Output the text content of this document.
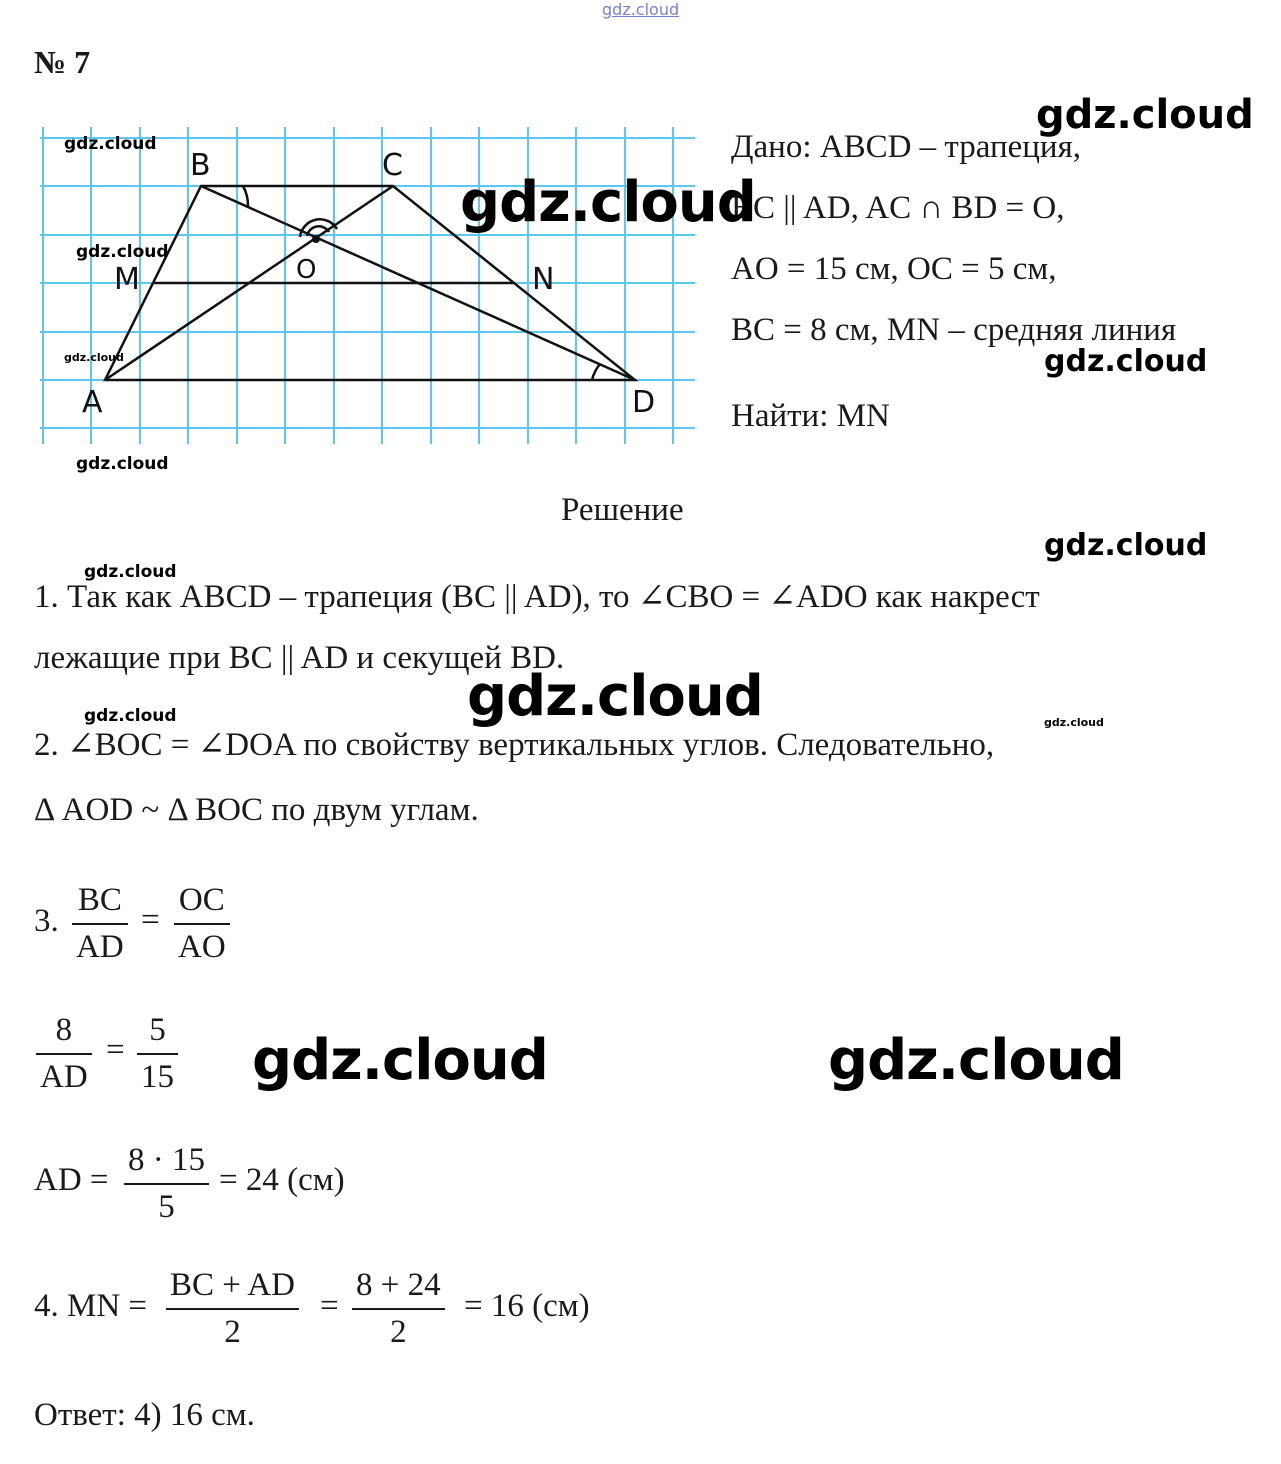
gdz.cloud
№ 7
B	C
M	O	N
A	D
Дано: ABCD – трапеция,
BC || AD, AC ∩ BD = O,
AO = 15 см, OC = 5 см,
BC = 8 см, MN – средняя линия
Найти: MN
Решение
1. Так как ABCD – трапеция (BC || AD), то ∠CBO = ∠ADO как накрест
лежащие при BC || AD и секущей BD.
2. ∠BOC = ∠DOA по свойству вертикальных углов. Следовательно,
Δ AOD ~ Δ BOC по двум углам.
3.
BC
AD
=
OC
AO
8
AD
=
5
15
AD =
8 · 15
5
= 24 (см)
4. MN =
BC + AD
2
=
8 + 24
2
= 16 (см)
Ответ: 4) 16 см.
gdz.cloud
gdz.cloud
gdz.cloud
gdz.cloud
gdz.cloud
gdz.cloud
gdz.cloud
gdz.cloud
gdz.cloud
gdz.cloud
gdz.cloud	gdz.cloud
gdz.cloud	gdz.cloud
